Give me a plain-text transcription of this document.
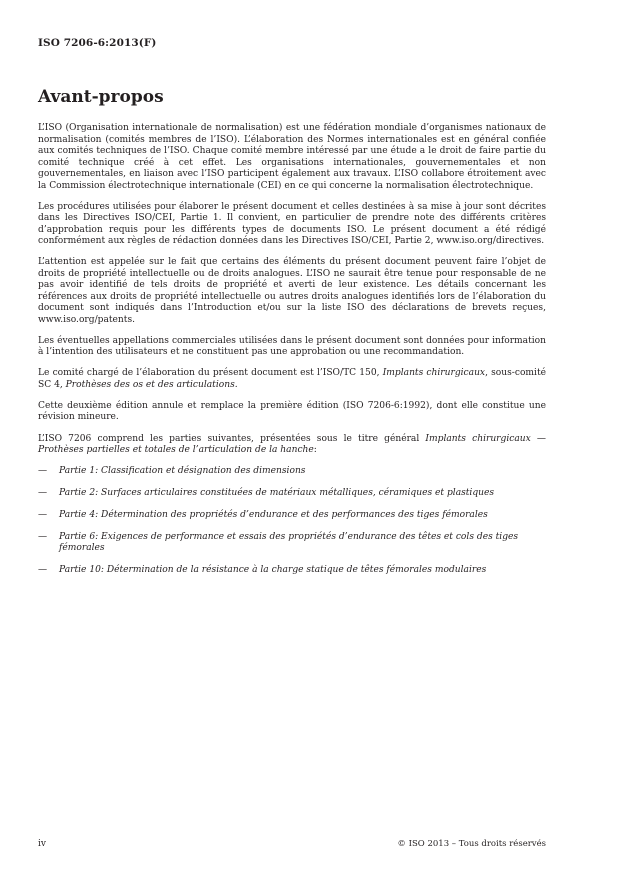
ISO 7206-6:2013(F)
Avant-propos

L’ISO (Organisation internationale de normalisation) est une fédération mondiale d’organismes nationaux de normalisation (comités membres de l’ISO). L’élaboration des Normes internationales est en général confiée aux comités techniques de l’ISO. Chaque comité membre intéressé par une étude a le droit de faire partie du comité technique créé à cet effet. Les organisations internationales, gouvernementales et non gouvernementales, en liaison avec l’ISO participent également aux travaux. L’ISO collabore étroitement avec la Commission électrotechnique internationale (CEI) en ce qui concerne la normalisation électrotechnique.

Les procédures utilisées pour élaborer le présent document et celles destinées à sa mise à jour sont décrites dans les Directives ISO/CEI, Partie 1. Il convient, en particulier de prendre note des différents critères d’approbation requis pour les différents types de documents ISO. Le présent document a été rédigé conformément aux règles de rédaction données dans les Directives ISO/CEI, Partie 2, www.iso.org/directives.

L’attention est appelée sur le fait que certains des éléments du présent document peuvent faire l’objet de droits de propriété intellectuelle ou de droits analogues. L’ISO ne saurait être tenue pour responsable de ne pas avoir identifié de tels droits de propriété et averti de leur existence. Les détails concernant les références aux droits de propriété intellectuelle ou autres droits analogues identifiés lors de l’élaboration du document sont indiqués dans l’Introduction et/ou sur la liste ISO des déclarations de brevets reçues, www.iso.org/patents.

Les éventuelles appellations commerciales utilisées dans le présent document sont données pour information à l’intention des utilisateurs et ne constituent pas une approbation ou une recommandation.

Le comité chargé de l’élaboration du présent document est l’ISO/TC 150, Implants chirurgicaux, sous-comité SC 4, Prothèses des os et des articulations.

Cette deuxième édition annule et remplace la première édition (ISO 7206-6:1992), dont elle constitue une révision mineure.

L’ISO 7206 comprend les parties suivantes, présentées sous le titre général Implants chirurgicaux — Prothèses partielles et totales de l’articulation de la hanche:

—	Partie 1: Classification et désignation des dimensions
—	Partie 2: Surfaces articulaires constituées de matériaux métalliques, céramiques et plastiques
—	Partie 4: Détermination des propriétés d’endurance et des performances des tiges fémorales
—	Partie 6: Exigences de performance et essais des propriétés d’endurance des têtes et cols des tiges fémorales
—	Partie 10: Détermination de la résistance à la charge statique de têtes fémorales modulaires
iv	© ISO 2013 – Tous droits réservés
